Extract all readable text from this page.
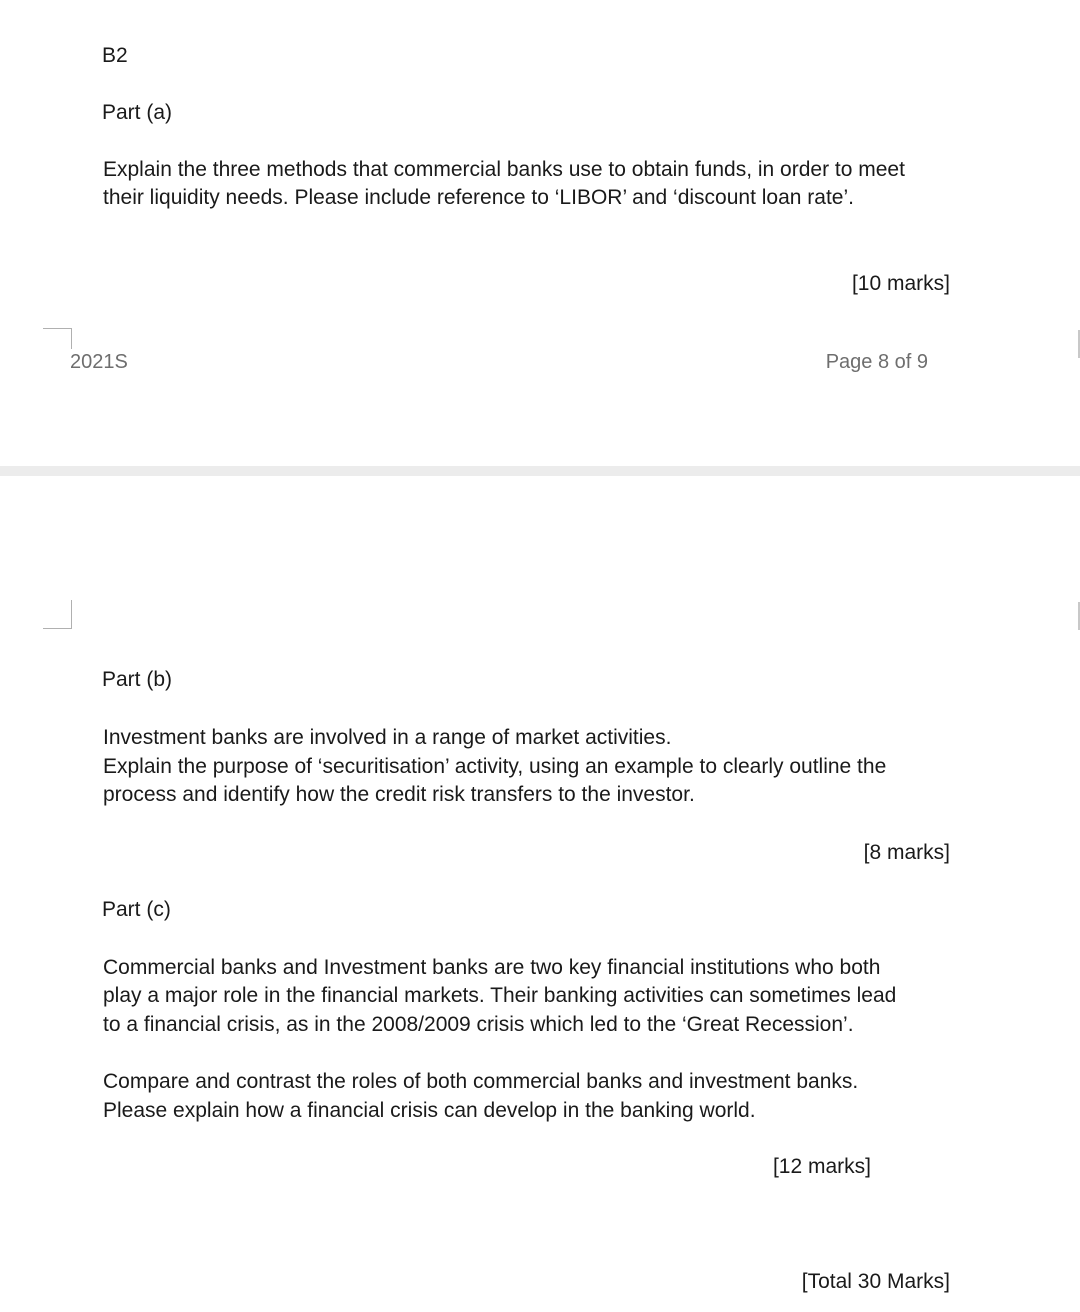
B2

Part (a)

Explain the three methods that commercial banks use to obtain funds, in order to meet

their liquidity needs. Please include reference to ‘LIBOR’ and ‘discount loan rate’.

[10 marks]

2021S	Page 8 of 9

Part (b)

Investment banks are involved in a range of market activities.

Explain the purpose of ‘securitisation’ activity, using an example to clearly outline the

process and identify how the credit risk transfers to the investor.

[8 marks]

Part (c)

Commercial banks and Investment banks are two key financial institutions who both

play a major role in the financial markets. Their banking activities can sometimes lead

to a financial crisis, as in the 2008/2009 crisis which led to the ‘Great Recession’.

Compare and contrast the roles of both commercial banks and investment banks.

Please explain how a financial crisis can develop in the banking world.

[12 marks]

[Total 30 Marks]
